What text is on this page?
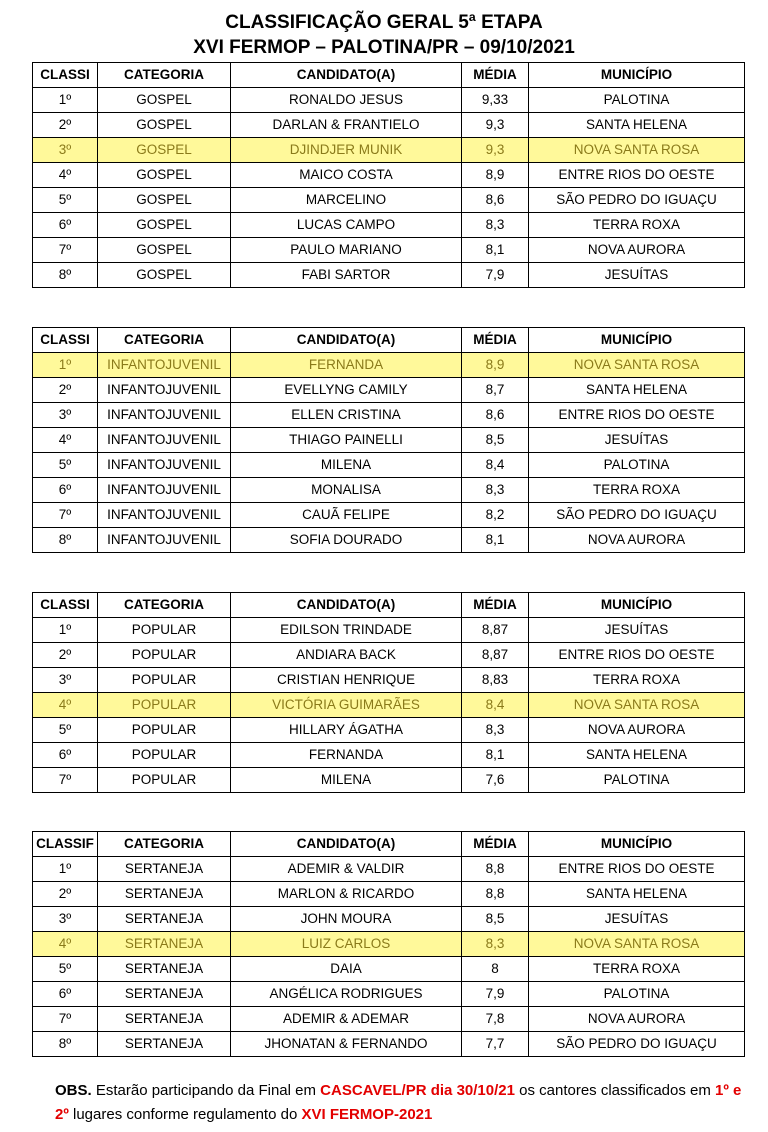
CLASSIFICAÇÃO GERAL 5ª ETAPA
XVI FERMOP – PALOTINA/PR – 09/10/2021
CLASSI	CATEGORIA	CANDIDATO(A)	MÉDIA	MUNICÍPIO
1º	GOSPEL	RONALDO JESUS	9,33	PALOTINA
2º	GOSPEL	DARLAN & FRANTIELO	9,3	SANTA HELENA
3º	GOSPEL	DJINDJER MUNIK	9,3	NOVA SANTA ROSA
4º	GOSPEL	MAICO COSTA	8,9	ENTRE RIOS DO OESTE
5º	GOSPEL	MARCELINO	8,6	SÃO PEDRO DO IGUAÇU
6º	GOSPEL	LUCAS CAMPO	8,3	TERRA ROXA
7º	GOSPEL	PAULO MARIANO	8,1	NOVA AURORA
8º	GOSPEL	FABI SARTOR	7,9	JESUÍTAS
CLASSI	CATEGORIA	CANDIDATO(A)	MÉDIA	MUNICÍPIO
1º	INFANTOJUVENIL	FERNANDA	8,9	NOVA SANTA ROSA
2º	INFANTOJUVENIL	EVELLYNG CAMILY	8,7	SANTA HELENA
3º	INFANTOJUVENIL	ELLEN CRISTINA	8,6	ENTRE RIOS DO OESTE
4º	INFANTOJUVENIL	THIAGO PAINELLI	8,5	JESUÍTAS
5º	INFANTOJUVENIL	MILENA	8,4	PALOTINA
6º	INFANTOJUVENIL	MONALISA	8,3	TERRA ROXA
7º	INFANTOJUVENIL	CAUÃ FELIPE	8,2	SÃO PEDRO DO IGUAÇU
8º	INFANTOJUVENIL	SOFIA DOURADO	8,1	NOVA AURORA
CLASSI	CATEGORIA	CANDIDATO(A)	MÉDIA	MUNICÍPIO
1º	POPULAR	EDILSON TRINDADE	8,87	JESUÍTAS
2º	POPULAR	ANDIARA BACK	8,87	ENTRE RIOS DO OESTE
3º	POPULAR	CRISTIAN HENRIQUE	8,83	TERRA ROXA
4º	POPULAR	VICTÓRIA GUIMARÃES	8,4	NOVA SANTA ROSA
5º	POPULAR	HILLARY ÁGATHA	8,3	NOVA AURORA
6º	POPULAR	FERNANDA	8,1	SANTA HELENA
7º	POPULAR	MILENA	7,6	PALOTINA
CLASSIF	CATEGORIA	CANDIDATO(A)	MÉDIA	MUNICÍPIO
1º	SERTANEJA	ADEMIR & VALDIR	8,8	ENTRE RIOS DO OESTE
2º	SERTANEJA	MARLON & RICARDO	8,8	SANTA HELENA
3º	SERTANEJA	JOHN MOURA	8,5	JESUÍTAS
4º	SERTANEJA	LUIZ CARLOS	8,3	NOVA SANTA ROSA
5º	SERTANEJA	DAIA	8	TERRA ROXA
6º	SERTANEJA	ANGÉLICA RODRIGUES	7,9	PALOTINA
7º	SERTANEJA	ADEMIR & ADEMAR	7,8	NOVA AURORA
8º	SERTANEJA	JHONATAN & FERNANDO	7,7	SÃO PEDRO DO IGUAÇU
OBS. Estarão participando da Final em CASCAVEL/PR dia 30/10/21 os cantores classificados em 1º e 2º lugares conforme regulamento do XVI FERMOP-2021
